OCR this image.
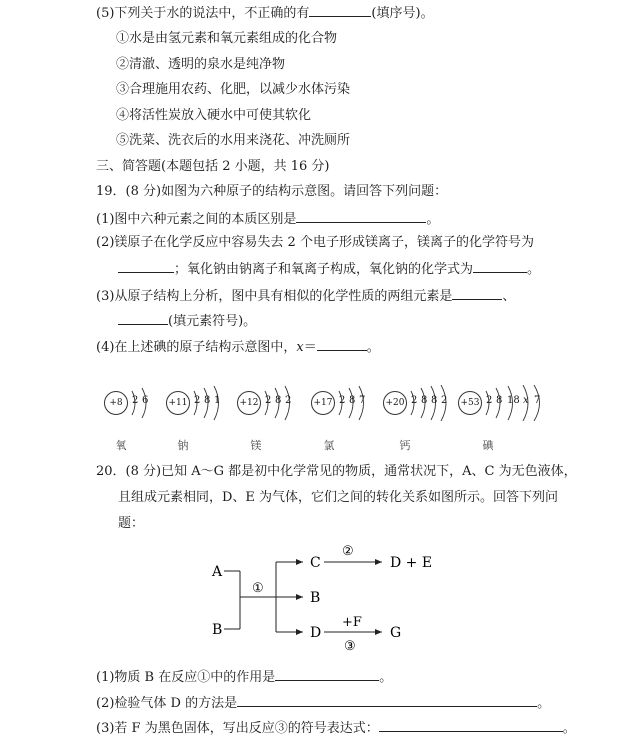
(5)下列关于水的说法中，不正确的有	(填序号)。
①水是由氢元素和氧元素组成的化合物
②清澈、透明的泉水是纯净物
③合理施用农药、化肥，以减少水体污染
④将活性炭放入硬水中可使其软化
⑤洗菜、洗衣后的水用来浇花、冲洗厕所
三、简答题(本题包括 2 小题，共 16 分)
19．(8 分)如图为六种原子的结构示意图。请回答下列问题：
(1)图中六种元素之间的本质区别是	。
(2)镁原子在化学反应中容易失去 2 个电子形成镁离子，镁离子的化学符号为
；氧化钠由钠离子和氧离子构成，氧化钠的化学式为	。
(3)从原子结构上分析，图中具有相似的化学性质的两组元素是	、
(填元素符号)。
(4)在上述碘的原子结构示意图中，x＝	。
+8 2 6 +11 2 8 1 +12 2 8 2 +17 2 8 7 +20 2 8 8 2 +53 2 8 18 x 7
氧	钠	镁	氯	钙	碘
20．(8 分)已知 A～G 都是初中化学常见的物质，通常状况下，A、C 为无色液体，
且组成元素相同，D、E 为气体，它们之间的转化关系如图所示。回答下列问
题：
A
B
①
C
②
D + E
B
D
+F
③
G
(1)物质 B 在反应①中的作用是	。
(2)检验气体 D 的方法是	。
(3)若 F 为黑色固体，写出反应③的符号表达式：	。
